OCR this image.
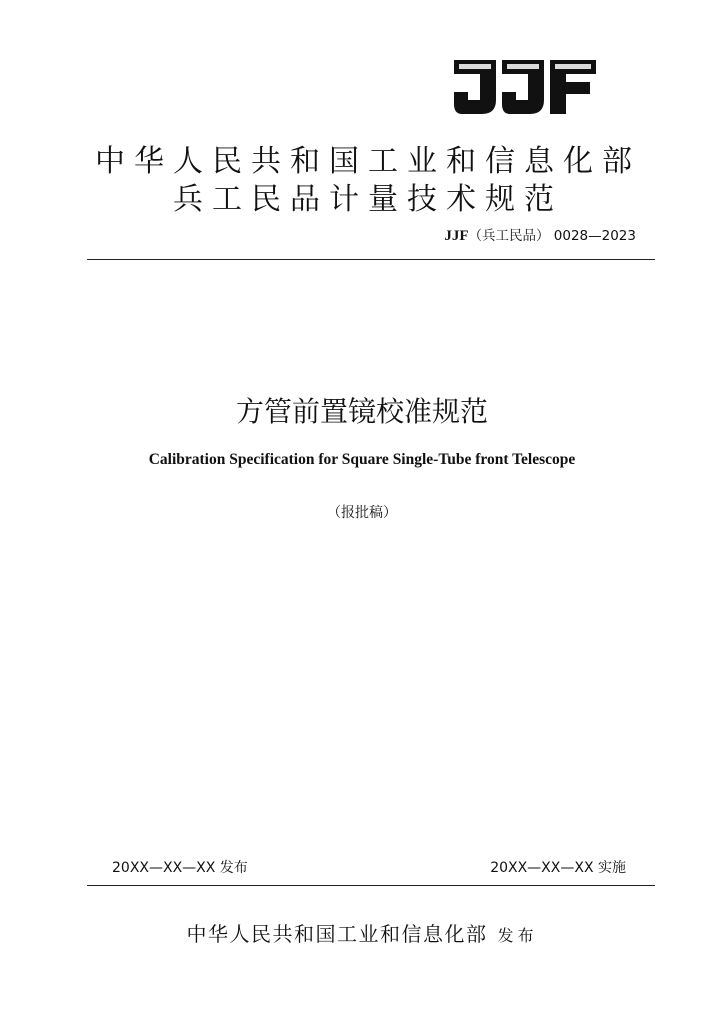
中华人民共和国工业和信息化部
兵工民品计量技术规范
JJF（兵工民品） 0028—2023
方管前置镜校准规范
Calibration Specification for Square Single-Tube front Telescope
（报批稿）
20XX—XX—XX 发布	20XX—XX—XX 实施
中华人民共和国工业和信息化部 发布
